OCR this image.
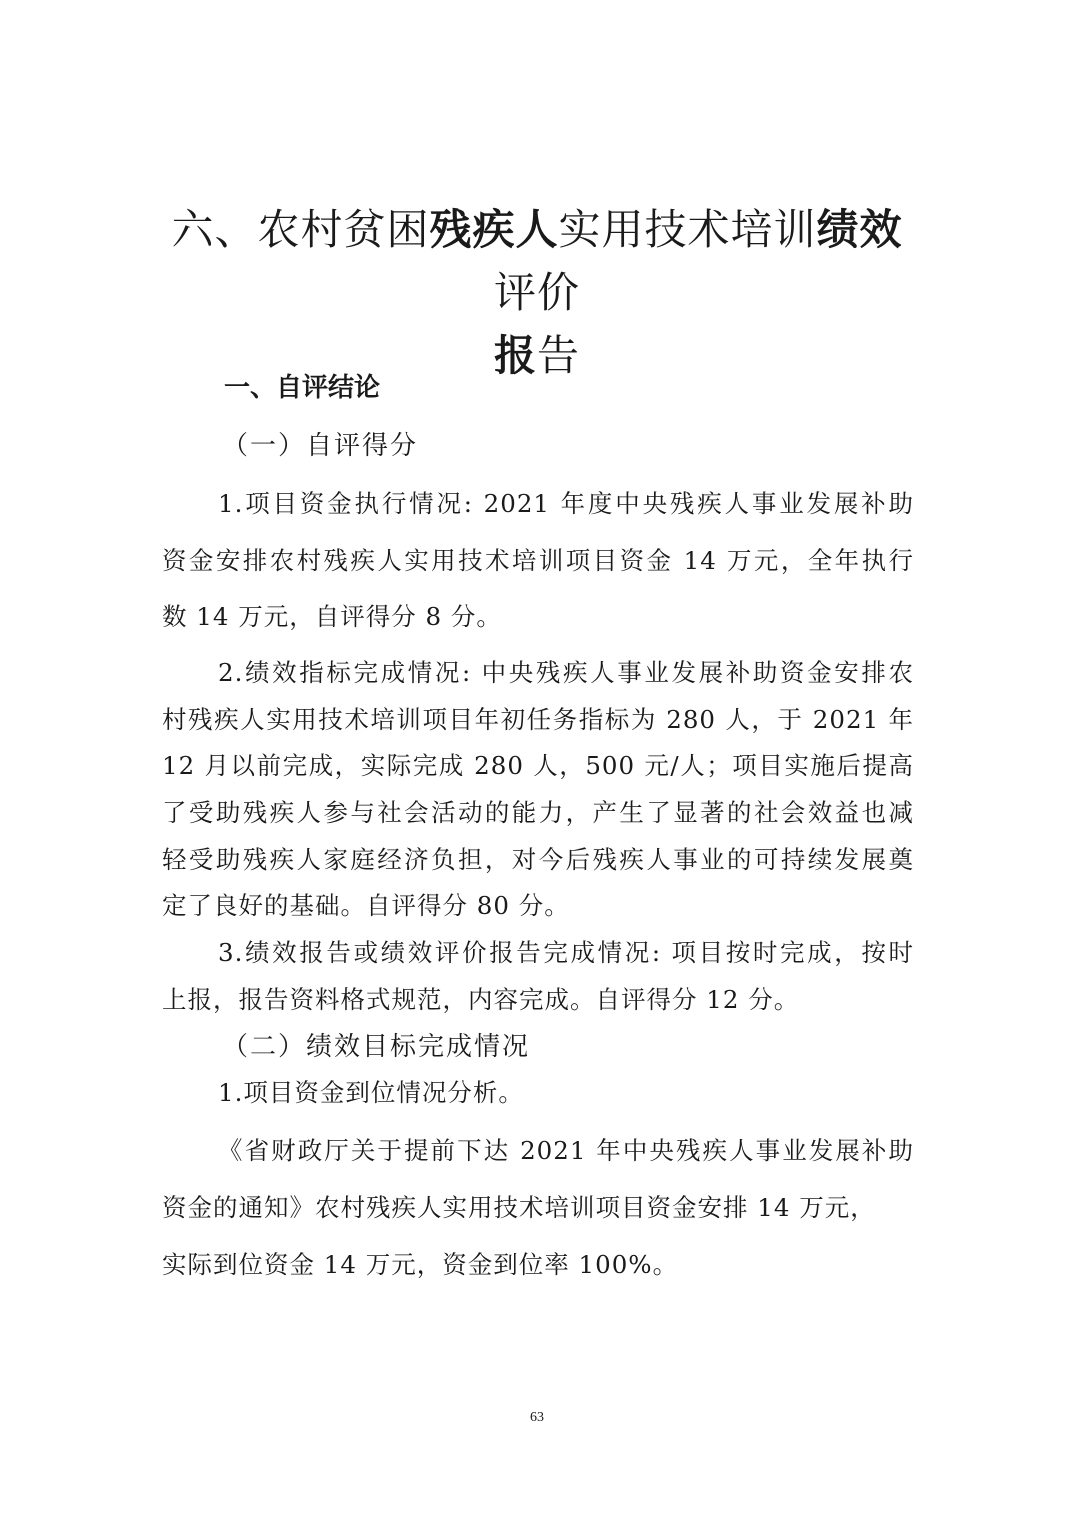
六、农村贫困残疾人实用技术培训绩效评价
报告
一、自评结论
（一）自评得分
1.项目资金执行情况: 2021 年度中央残疾人事业发展补助
资金安排农村残疾人实用技术培训项目资金 14 万元，全年执行
数 14 万元，自评得分 8 分。
2.绩效指标完成情况: 中央残疾人事业发展补助资金安排农
村残疾人实用技术培训项目年初任务指标为 280 人，于 2021 年
12 月以前完成，实际完成 280 人，500 元/人；项目实施后提高
了受助残疾人参与社会活动的能力，产生了显著的社会效益也减
轻受助残疾人家庭经济负担，对今后残疾人事业的可持续发展奠
定了良好的基础。自评得分 80 分。
3.绩效报告或绩效评价报告完成情况: 项目按时完成，按时
上报，报告资料格式规范，内容完成。自评得分 12 分。
（二）绩效目标完成情况
1.项目资金到位情况分析。
《省财政厅关于提前下达 2021 年中央残疾人事业发展补助
资金的通知》农村残疾人实用技术培训项目资金安排 14 万元，
实际到位资金 14 万元，资金到位率 100%。
63
